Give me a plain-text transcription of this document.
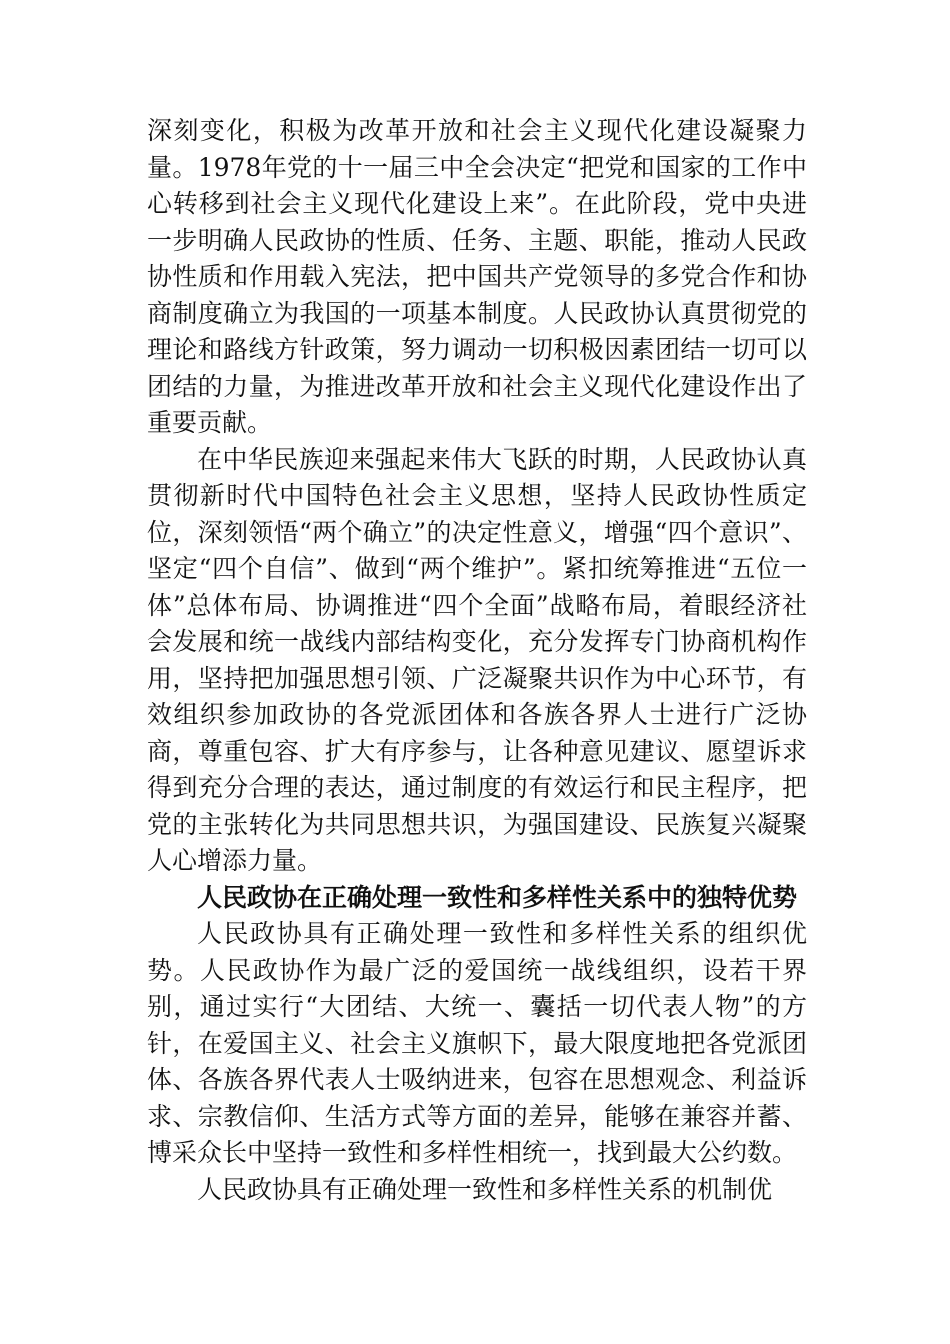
深刻变化，积极为改革开放和社会主义现代化建设凝聚力量。1978年党的十一届三中全会决定“把党和国家的工作中心转移到社会主义现代化建设上来”。在此阶段，党中央进一步明确人民政协的性质、任务、主题、职能，推动人民政协性质和作用载入宪法，把中国共产党领导的多党合作和协商制度确立为我国的一项基本制度。人民政协认真贯彻党的理论和路线方针政策，努力调动一切积极因素团结一切可以团结的力量，为推进改革开放和社会主义现代化建设作出了重要贡献。

在中华民族迎来强起来伟大飞跃的时期，人民政协认真贯彻新时代中国特色社会主义思想，坚持人民政协性质定位，深刻领悟“两个确立”的决定性意义，增强“四个意识”、坚定“四个自信”、做到“两个维护”。紧扣统筹推进“五位一体”总体布局、协调推进“四个全面”战略布局，着眼经济社会发展和统一战线内部结构变化，充分发挥专门协商机构作用，坚持把加强思想引领、广泛凝聚共识作为中心环节，有效组织参加政协的各党派团体和各族各界人士进行广泛协商，尊重包容、扩大有序参与，让各种意见建议、愿望诉求得到充分合理的表达，通过制度的有效运行和民主程序，把党的主张转化为共同思想共识，为强国建设、民族复兴凝聚人心增添力量。

人民政协在正确处理一致性和多样性关系中的独特优势

人民政协具有正确处理一致性和多样性关系的组织优势。人民政协作为最广泛的爱国统一战线组织，设若干界别，通过实行“大团结、大统一、囊括一切代表人物”的方针，在爱国主义、社会主义旗帜下，最大限度地把各党派团体、各族各界代表人士吸纳进来，包容在思想观念、利益诉求、宗教信仰、生活方式等方面的差异，能够在兼容并蓄、博采众长中坚持一致性和多样性相统一，找到最大公约数。

人民政协具有正确处理一致性和多样性关系的机制优
